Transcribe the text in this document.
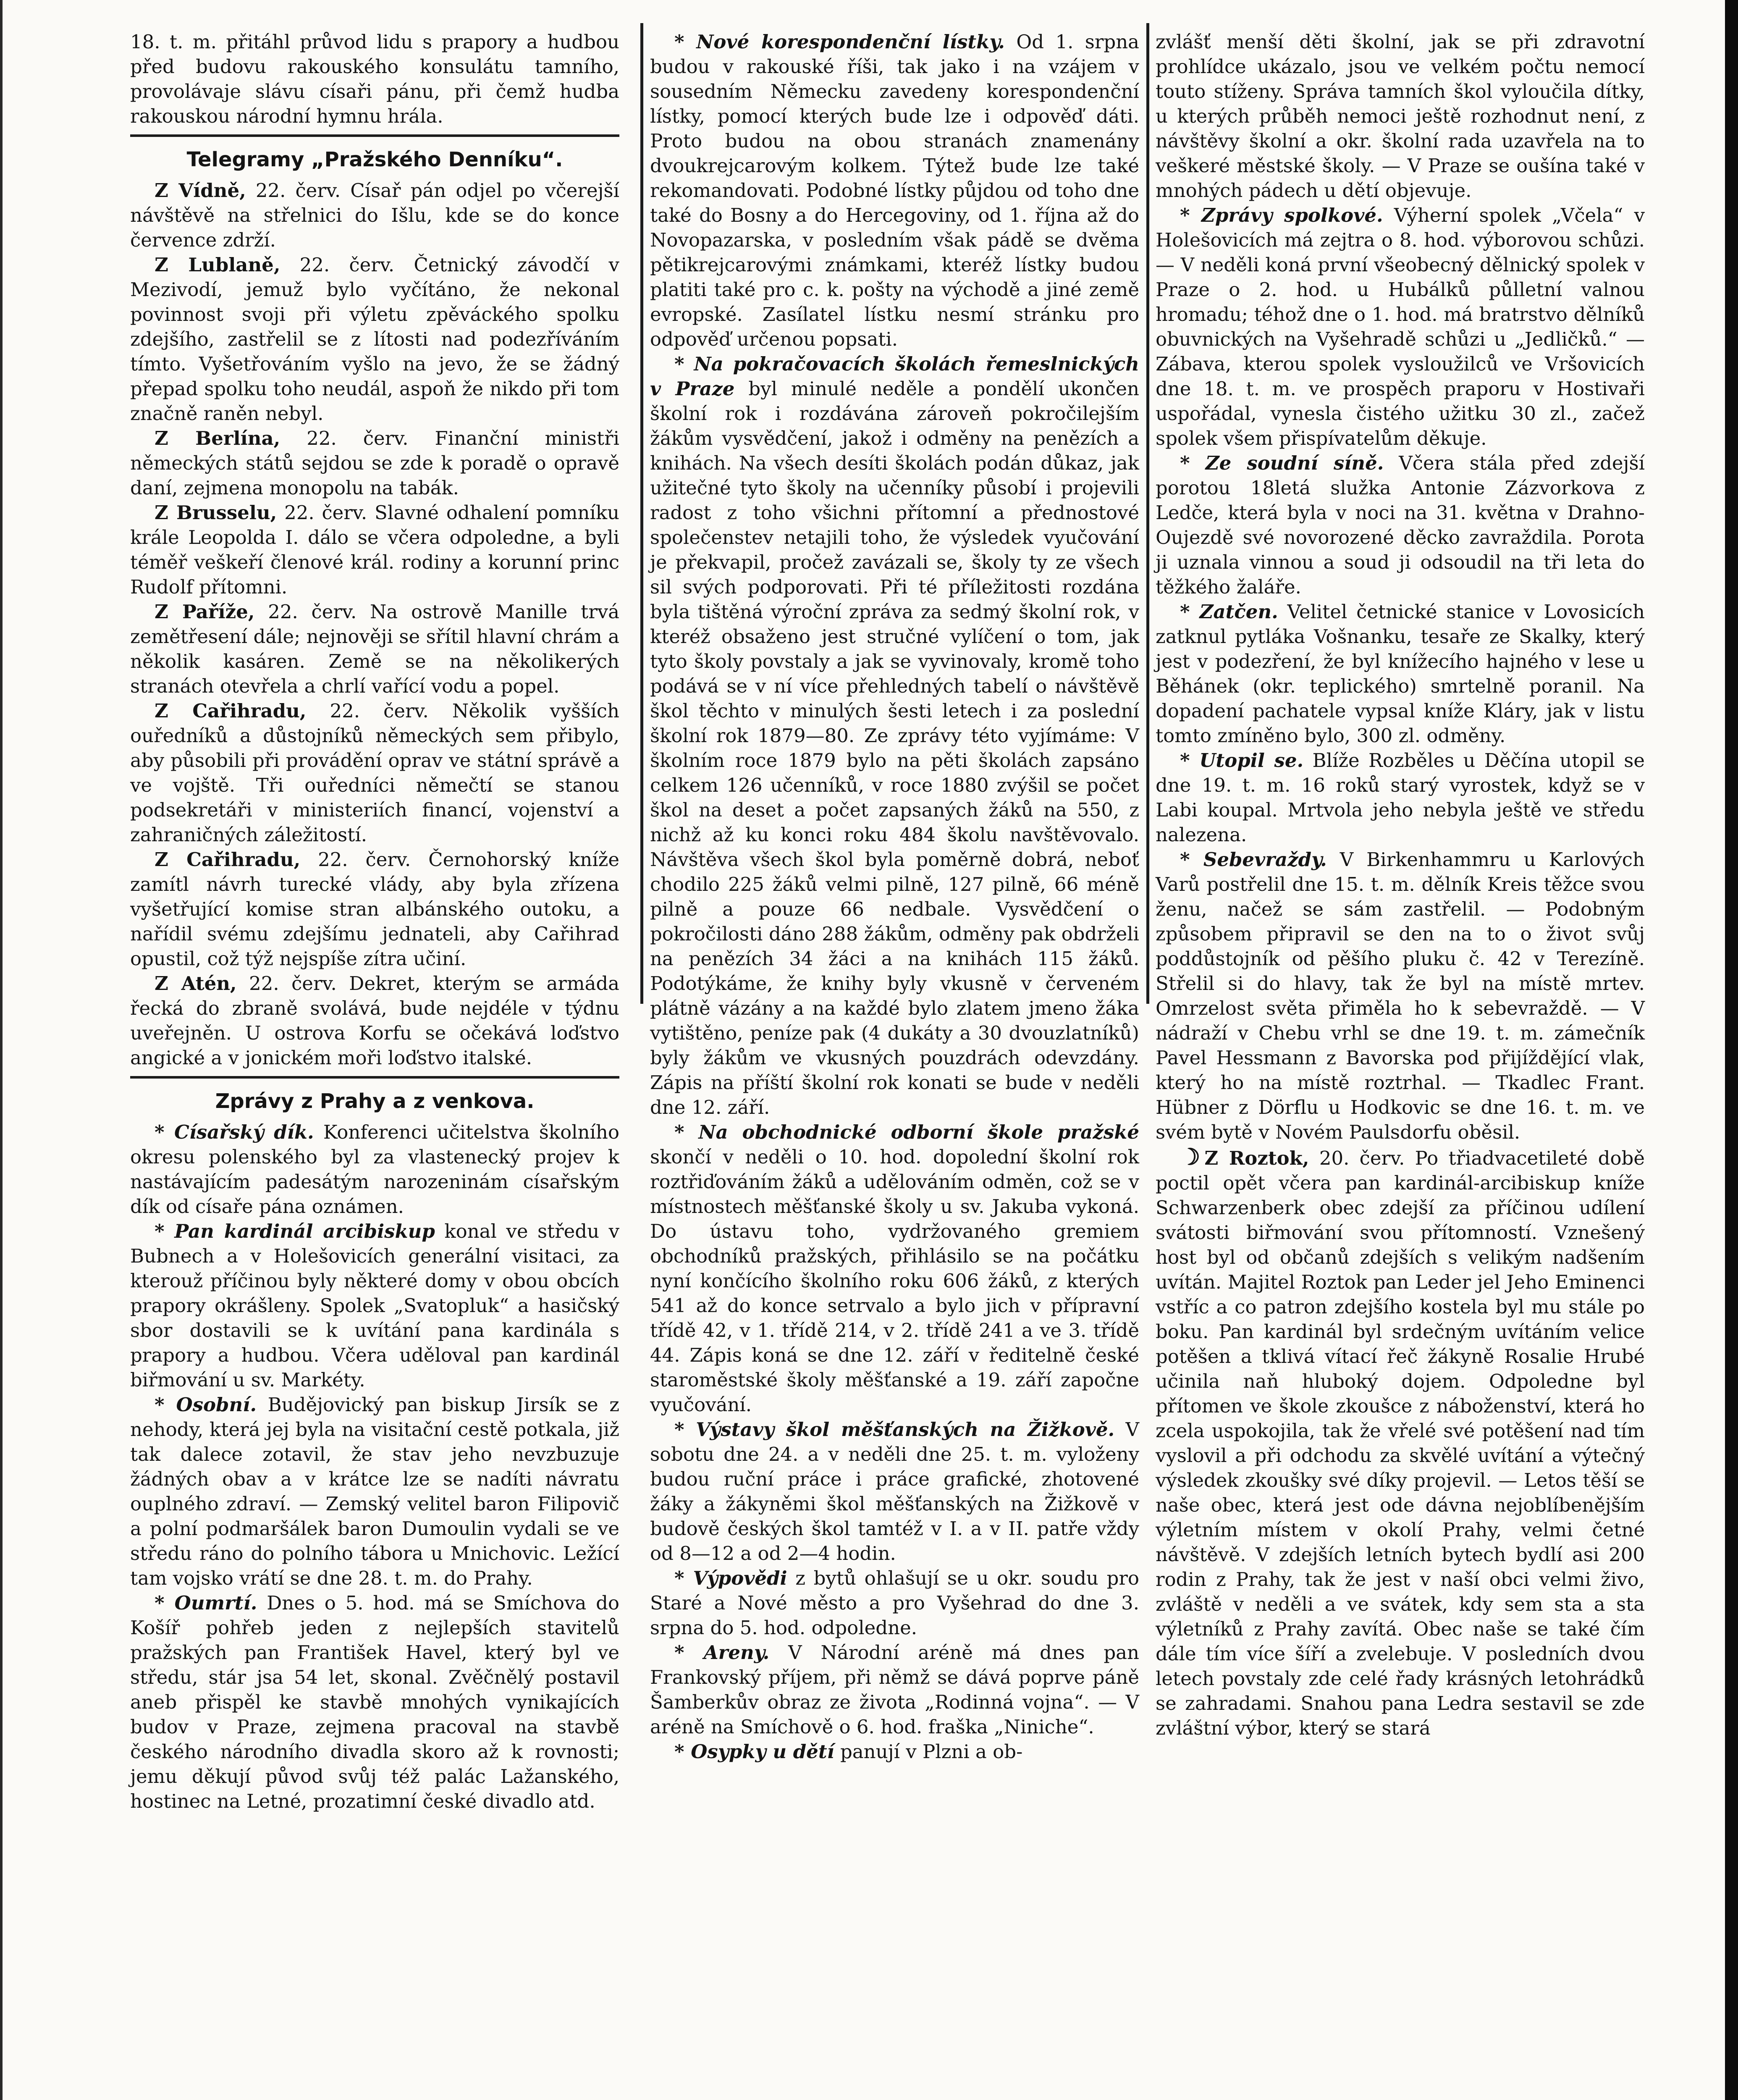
18. t. m. přitáhl průvod lidu s prapory a hudbou před budovu rakouského konsulátu tamního, provolávaje slávu císaři pánu, při čemž hudba rakouskou národní hymnu hrála.

Telegramy „Pražského Denníku“.

Z Vídně, 22. červ. Císař pán odjel po včerejší návštěvě na střelnici do Išlu, kde se do konce července zdrží.

Z Lublaně, 22. červ. Četnický závodčí v Mezivodí, jemuž bylo vyčítáno, že nekonal povinnost svoji při výletu zpěváckého spolku zdejšího, zastřelil se z lítosti nad podezříváním tímto. Vyšetřováním vyšlo na jevo, že se žádný přepad spolku toho neudál, aspoň že nikdo při tom značně raněn nebyl.

Z Berlína, 22. červ. Finanční ministři německých států sejdou se zde k poradě o opravě daní, zejmena monopolu na tabák.

Z Brusselu, 22. červ. Slavné odhalení pomníku krále Leopolda I. dálo se včera odpoledne, a byli téměř veškeří členové král. rodiny a korunní princ Rudolf přítomni.

Z Paříže, 22. červ. Na ostrově Manille trvá zemětřesení dále; nejnověji se sřítil hlavní chrám a několik kasáren. Země se na několikerých stranách otevřela a chrlí vařící vodu a popel.

Z Cařihradu, 22. červ. Několik vyšších ouředníků a důstojníků německých sem přibylo, aby působili při provádění oprav ve státní správě a ve vojště. Tři ouředníci němečtí se stanou podsekretáři v ministeriích financí, vojenství a zahraničných záležitostí.

Z Cařihradu, 22. červ. Černohorský kníže zamítl návrh turecké vlády, aby byla zřízena vyšetřující komise stran albánského outoku, a nařídil svému zdejšímu jednateli, aby Cařihrad opustil, což týž nejspíše zítra učiní.

Z Atén, 22. červ. Dekret, kterým se armáda řecká do zbraně svolává, bude nejdéle v týdnu uveřejněn. U ostrova Korfu se očekává loďstvo angické a v jonickém moři loďstvo italské.

Zprávy z Prahy a z venkova.

* Císařský dík. Konferenci učitelstva školního okresu polenského byl za vlastenecký projev k nastávajícím padesátým narozeninám císařským dík od císaře pána oznámen.

* Pan kardinál arcibiskup konal ve středu v Bubnech a v Holešovicích generální visitaci, za kterouž příčinou byly některé domy v obou obcích prapory okrášleny. Spolek „Svatopluk“ a hasičský sbor dostavili se k uvítání pana kardinála s prapory a hudbou. Včera uděloval pan kardinál biřmování u sv. Markéty.

* Osobní. Budějovický pan biskup Jirsík se z nehody, která jej byla na visitační cestě potkala, již tak dalece zotavil, že stav jeho nevzbuzuje žádných obav a v krátce lze se nadíti návratu ouplného zdraví. — Zemský velitel baron Filipovič a polní podmaršálek baron Dumoulin vydali se ve středu ráno do polního tábora u Mnichovic. Ležící tam vojsko vrátí se dne 28. t. m. do Prahy.

* Oumrtí. Dnes o 5. hod. má se Smíchova do Košíř pohřeb jeden z nejlepších stavitelů pražských pan František Havel, který byl ve středu, stár jsa 54 let, skonal. Zvěčnělý postavil aneb přispěl ke stavbě mnohých vynikajících budov v Praze, zejmena pracoval na stavbě českého národního divadla skoro až k rovnosti; jemu děkují původ svůj též palác Lažanského, hostinec na Letné, prozatimní české divadlo atd.

* Nové korespondenční lístky. Od 1. srpna budou v rakouské říši, tak jako i na vzájem v sousedním Německu zavedeny korespondenční lístky, pomocí kterých bude lze i odpověď dáti. Proto budou na obou stranách znamenány dvoukrejcarovým kolkem. Týtež bude lze také rekomandovati. Podobné lístky půjdou od toho dne také do Bosny a do Hercegoviny, od 1. října až do Novopazarska, v posledním však pádě se dvěma pětikrejcarovými známkami, kteréž lístky budou platiti také pro c. k. pošty na východě a jiné země evropské. Zasílatel lístku nesmí stránku pro odpověď určenou popsati.

* Na pokračovacích školách řemeslnických v Praze byl minulé neděle a pondělí ukončen školní rok i rozdávána zároveň pokročilejším žákům vysvědčení, jakož i odměny na penězích a knihách. Na všech desíti školách podán důkaz, jak užitečné tyto školy na učenníky působí i projevili radost z toho všichni přítomní a přednostové společenstev netajili toho, že výsledek vyučování je překvapil, pročež zavázali se, školy ty ze všech sil svých podporovati. Při té příležitosti rozdána byla tištěná výroční zpráva za sedmý školní rok, v kteréž obsaženo jest stručné vylíčení o tom, jak tyto školy povstaly a jak se vyvinovaly, kromě toho podává se v ní více přehledných tabelí o návštěvě škol těchto v minulých šesti letech i za poslední školní rok 1879—80. Ze zprávy této vyjímáme: V školním roce 1879 bylo na pěti školách zapsáno celkem 126 učenníků, v roce 1880 zvýšil se počet škol na deset a počet zapsaných žáků na 550, z nichž až ku konci roku 484 školu navštěvovalo. Návštěva všech škol byla poměrně dobrá, neboť chodilo 225 žáků velmi pilně, 127 pilně, 66 méně pilně a pouze 66 nedbale. Vysvědčení o pokročilosti dáno 288 žákům, odměny pak obdrželi na penězích 34 žáci a na knihách 115 žáků. Podotýkáme, že knihy byly vkusně v červeném plátně vázány a na každé bylo zlatem jmeno žáka vytištěno, peníze pak (4 dukáty a 30 dvouzlatníků) byly žákům ve vkusných pouzdrách odevzdány. Zápis na příští školní rok konati se bude v neděli dne 12. září.

* Na obchodnické odborní škole pražské skončí v neděli o 10. hod. dopolední školní rok roztřiďováním žáků a udělováním odměn, což se v místnostech měšťanské školy u sv. Jakuba vykoná. Do ústavu toho, vydržovaného gremiem obchodníků pražských, přihlásilo se na počátku nyní končícího školního roku 606 žáků, z kterých 541 až do konce setrvalo a bylo jich v přípravní třídě 42, v 1. třídě 214, v 2. třídě 241 a ve 3. třídě 44. Zápis koná se dne 12. září v ředitelně české staroměstské školy měšťanské a 19. září započne vyučování.

* Výstavy škol měšťanských na Žižkově. V sobotu dne 24. a v neděli dne 25. t. m. vyloženy budou ruční práce i práce grafické, zhotovené žáky a žákyněmi škol měšťanských na Žižkově v budově českých škol tamtéž v I. a v II. patře vždy od 8—12 a od 2—4 hodin.

* Výpovědi z bytů ohlašují se u okr. soudu pro Staré a Nové město a pro Vyšehrad do dne 3. srpna do 5. hod. odpoledne.

* Areny. V Národní aréně má dnes pan Frankovský příjem, při němž se dává poprve páně Šamberkův obraz ze života „Rodinná vojna“. — V aréně na Smíchově o 6. hod. fraška „Niniche“.

* Osypky u dětí panují v Plzni a ob-

zvlášť menší děti školní, jak se při zdravotní prohlídce ukázalo, jsou ve velkém počtu nemocí touto stíženy. Správa tamních škol vyloučila dítky, u kterých průběh nemoci ještě rozhodnut není, z návštěvy školní a okr. školní rada uzavřela na to veškeré městské školy. — V Praze se oušína také v mnohých pádech u dětí objevuje.

* Zprávy spolkové. Výherní spolek „Včela“ v Holešovicích má zejtra o 8. hod. výborovou schůzi. — V neděli koná první všeobecný dělnický spolek v Praze o 2. hod. u Hubálků půlletní valnou hromadu; téhož dne o 1. hod. má bratrstvo dělníků obuvnických na Vyšehradě schůzi u „Jedličků.“ — Zábava, kterou spolek vysloužilců ve Vršovicích dne 18. t. m. ve prospěch praporu v Hostivaři uspořádal, vynesla čistého užitku 30 zl., začež spolek všem přispívatelům děkuje.

* Ze soudní síně. Včera stála před zdejší porotou 18letá služka Antonie Zázvorkova z Ledče, která byla v noci na 31. května v Drahno-Oujezdě své novorozené děcko zavraždila. Porota ji uznala vinnou a soud ji odsoudil na tři leta do těžkého žaláře.

* Zatčen. Velitel četnické stanice v Lovosicích zatknul pytláka Vošnanku, tesaře ze Skalky, který jest v podezření, že byl knížecího hajného v lese u Běhánek (okr. teplického) smrtelně poranil. Na dopadení pachatele vypsal kníže Kláry, jak v listu tomto zmíněno bylo, 300 zl. odměny.

* Utopil se. Blíže Rozběles u Děčína utopil se dne 19. t. m. 16 roků starý vyrostek, když se v Labi koupal. Mrtvola jeho nebyla ještě ve středu nalezena.

* Sebevraždy. V Birkenhammru u Karlových Varů postřelil dne 15. t. m. dělník Kreis těžce svou ženu, načež se sám zastřelil. — Podobným způsobem připravil se den na to o život svůj poddůstojník od pěšího pluku č. 42 v Terezíně. Střelil si do hlavy, tak že byl na místě mrtev. Omrzelost světa přiměla ho k sebevraždě. — V nádraží v Chebu vrhl se dne 19. t. m. zámečník Pavel Hessmann z Bavorska pod přijíždějící vlak, který ho na místě roztrhal. — Tkadlec Frant. Hübner z Dörflu u Hodkovic se dne 16. t. m. ve svém bytě v Novém Paulsdorfu oběsil.

☽ Z Roztok, 20. červ. Po třiadvacetileté době poctil opět včera pan kardinál-arcibiskup kníže Schwarzenberk obec zdejší za příčinou udílení svátosti biřmování svou přítomností. Vznešený host byl od občanů zdejších s velikým nadšením uvítán. Majitel Roztok pan Leder jel Jeho Eminenci vstříc a co patron zdejšího kostela byl mu stále po boku. Pan kardinál byl srdečným uvítáním velice potěšen a tklivá vítací řeč žákyně Rosalie Hrubé učinila naň hluboký dojem. Odpoledne byl přítomen ve škole zkoušce z náboženství, která ho zcela uspokojila, tak že vřelé své potěšení nad tím vyslovil a při odchodu za skvělé uvítání a výtečný výsledek zkoušky své díky projevil. — Letos těší se naše obec, která jest ode dávna nejoblíbenějším výletním místem v okolí Prahy, velmi četné návštěvě. V zdejších letních bytech bydlí asi 200 rodin z Prahy, tak že jest v naší obci velmi živo, zvláště v neděli a ve svátek, kdy sem sta a sta výletníků z Prahy zavítá. Obec naše se také čím dále tím více šíří a zvelebuje. V posledních dvou letech povstaly zde celé řady krásných letohrádků se zahradami. Snahou pana Ledra sestavil se zde zvláštní výbor, který se stará
